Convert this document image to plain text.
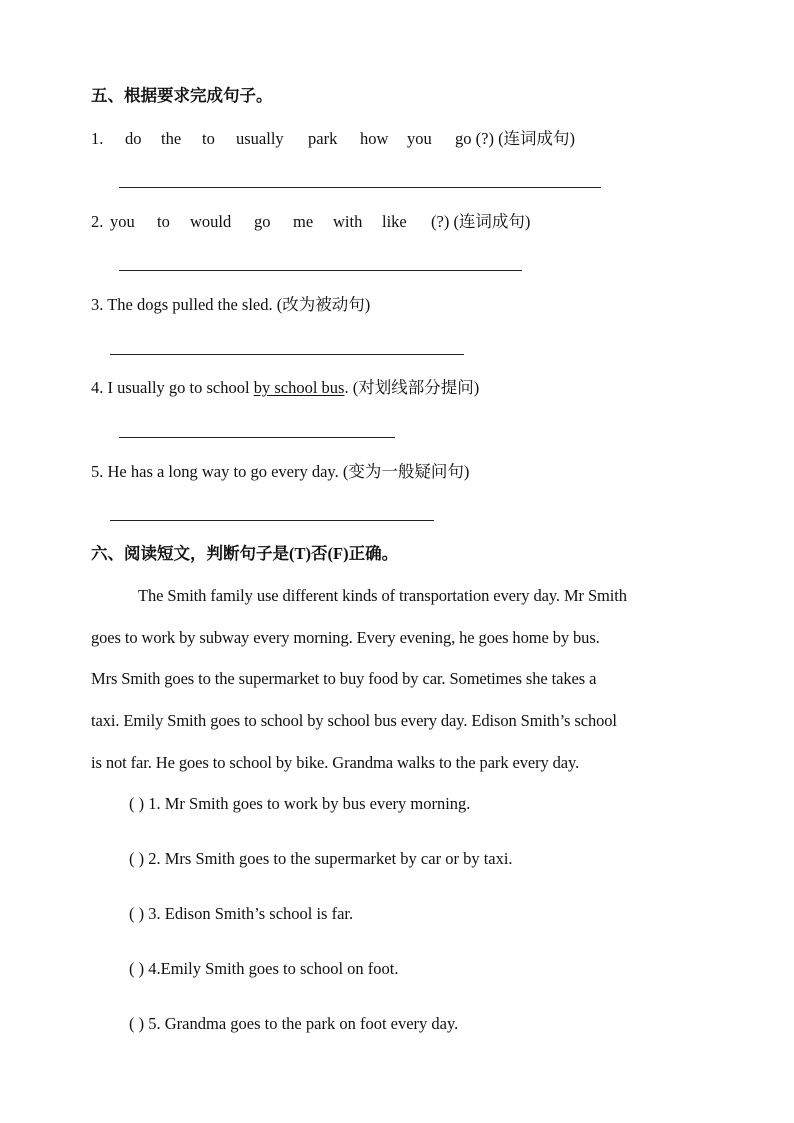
五、根据要求完成句子。
1. do the to usually park how you go (?) (连词成句)
2. you to would go me with like (?) (连词成句)
3. The dogs pulled the sled. (改为被动句)
4. I usually go to school by school bus. (对划线部分提问)
5. He has a long way to go every day. (变为一般疑问句)
六、阅读短文，判断句子是(T)否(F)正确。
The Smith family use different kinds of transportation every day. Mr Smith
goes to work by subway every morning. Every evening, he goes home by bus.
Mrs Smith goes to the supermarket to buy food by car. Sometimes she takes a
taxi. Emily Smith goes to school by school bus every day. Edison Smith’s school
is not far. He goes to school by bike. Grandma walks to the park every day.
( ) 1. Mr Smith goes to work by bus every morning.
( ) 2. Mrs Smith goes to the supermarket by car or by taxi.
( ) 3. Edison Smith’s school is far.
( ) 4.Emily Smith goes to school on foot.
( ) 5. Grandma goes to the park on foot every day.
